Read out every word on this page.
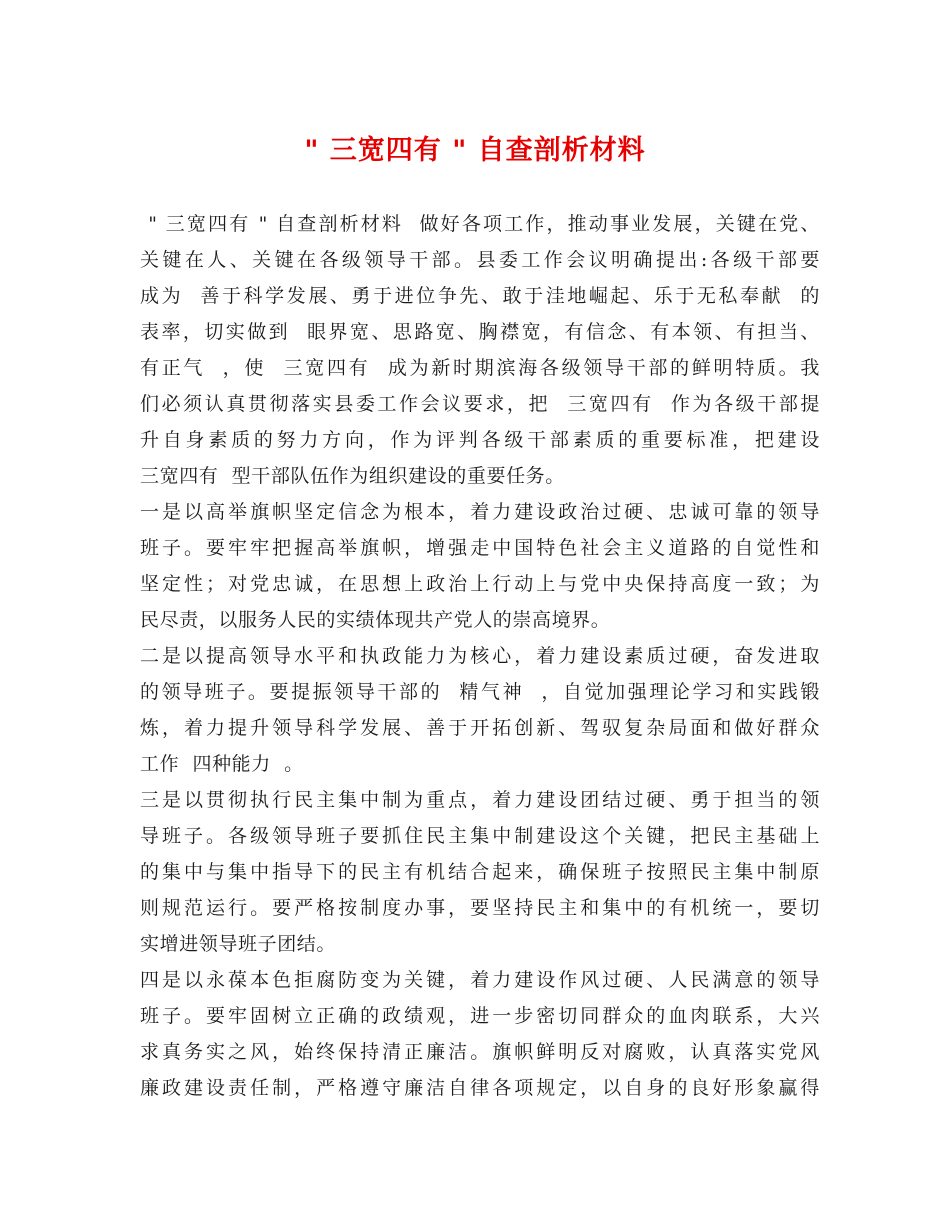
" 三宽四有 " 自查剖析材料
" 三宽四有 " 自查剖析材料  做好各项工作，推动事业发展，关键在党、
关键在人、关键在各级领导干部。县委工作会议明确提出:各级干部要
成为  善于科学发展、勇于进位争先、敢于洼地崛起、乐于无私奉献  的
表率，切实做到  眼界宽、思路宽、胸襟宽，有信念、有本领、有担当、
有正气  ，使  三宽四有  成为新时期滨海各级领导干部的鲜明特质。我
们必须认真贯彻落实县委工作会议要求，把  三宽四有  作为各级干部提
升自身素质的努力方向，作为评判各级干部素质的重要标准，把建设
三宽四有  型干部队伍作为组织建设的重要任务。
一是以高举旗帜坚定信念为根本，着力建设政治过硬、忠诚可靠的领导
班子。要牢牢把握高举旗帜，增强走中国特色社会主义道路的自觉性和
坚定性；对党忠诚，在思想上政治上行动上与党中央保持高度一致；为
民尽责，以服务人民的实绩体现共产党人的崇高境界。
二是以提高领导水平和执政能力为核心，着力建设素质过硬，奋发进取
的领导班子。要提振领导干部的  精气神  ，自觉加强理论学习和实践锻
炼，着力提升领导科学发展、善于开拓创新、驾驭复杂局面和做好群众
工作  四种能力  。
三是以贯彻执行民主集中制为重点，着力建设团结过硬、勇于担当的领
导班子。各级领导班子要抓住民主集中制建设这个关键，把民主基础上
的集中与集中指导下的民主有机结合起来，确保班子按照民主集中制原
则规范运行。要严格按制度办事，要坚持民主和集中的有机统一，要切
实增进领导班子团结。
四是以永葆本色拒腐防变为关键，着力建设作风过硬、人民满意的领导
班子。要牢固树立正确的政绩观，进一步密切同群众的血肉联系，大兴
求真务实之风，始终保持清正廉洁。旗帜鲜明反对腐败，认真落实党风
廉政建设责任制，严格遵守廉洁自律各项规定，以自身的良好形象赢得
